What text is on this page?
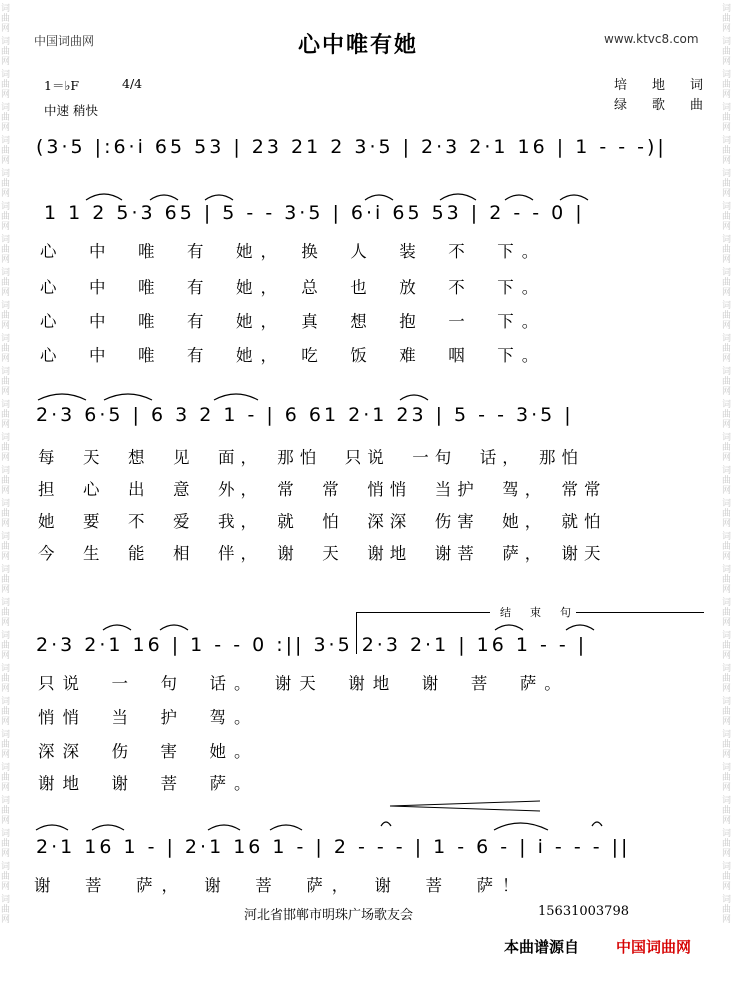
词曲网
词曲网
词曲网
词曲网
词曲网
词曲网
词曲网
词曲网
词曲网
词曲网
词曲网
词曲网
词曲网
词曲网
词曲网
词曲网
词曲网
词曲网
词曲网
词曲网
词曲网
词曲网
词曲网
词曲网
词曲网
词曲网
词曲网
词曲网
词曲网
词曲网
词曲网
词曲网
词曲网
词曲网
词曲网
词曲网
词曲网
词曲网
词曲网
词曲网
词曲网
词曲网
词曲网
词曲网
词曲网
词曲网
词曲网
词曲网
词曲网
词曲网
词曲网
词曲网
词曲网
词曲网
词曲网
词曲网
中国词曲网	www.ktvc8.com
心中唯有她
1＝♭F	4/4
中速 稍快
培　地　词
绿　歌　曲
(3·5 |:6·i 65 53 | 23 21 2 3·5 | 2·3 2·1 16 | 1 - - -)|
1 1 2 5·3 65 | 5 - - 3·5 | 6·i 65 53 | 2 - - 0 |
心　中　唯　有　她，　换　人　装　不　下。
心　中　唯　有　她，　总　也　放　不　下。
心　中　唯　有　她，　真　想　抱　一　下。
心　中　唯　有　她，　吃　饭　难　咽　下。
2·3 6·5 | 6 3 2 1 - | 6 61 2·1 23 | 5 - - 3·5 |
每　天　想　见　面，　那怕　只说　一句　话，　那怕
担　心　出　意　外，　常　常　悄悄　当护　驾，　常常
她　要　不　爱　我，　就　怕　深深　伤害　她，　就怕
今　生　能　相　伴，　谢　天　谢地　谢菩　萨，　谢天
结　束　句
2·3 2·1 16 | 1 - - 0 :|| 3·5 2·3 2·1 | 16 1 - - |
只说　一　句　话。　谢天　谢地　谢　菩　萨。
悄悄　当　护　驾。
深深　伤　害　她。
谢地　谢　菩　萨。
2·1 16 1 - | 2·1 16 1 - | 2 - - - | 1 - 6 - | i - - - ||
谢　菩　萨，　谢　菩　萨，　谢　菩　萨！
河北省邯郸市明珠广场歌友会	15631003798
本曲谱源自 中国词曲网
